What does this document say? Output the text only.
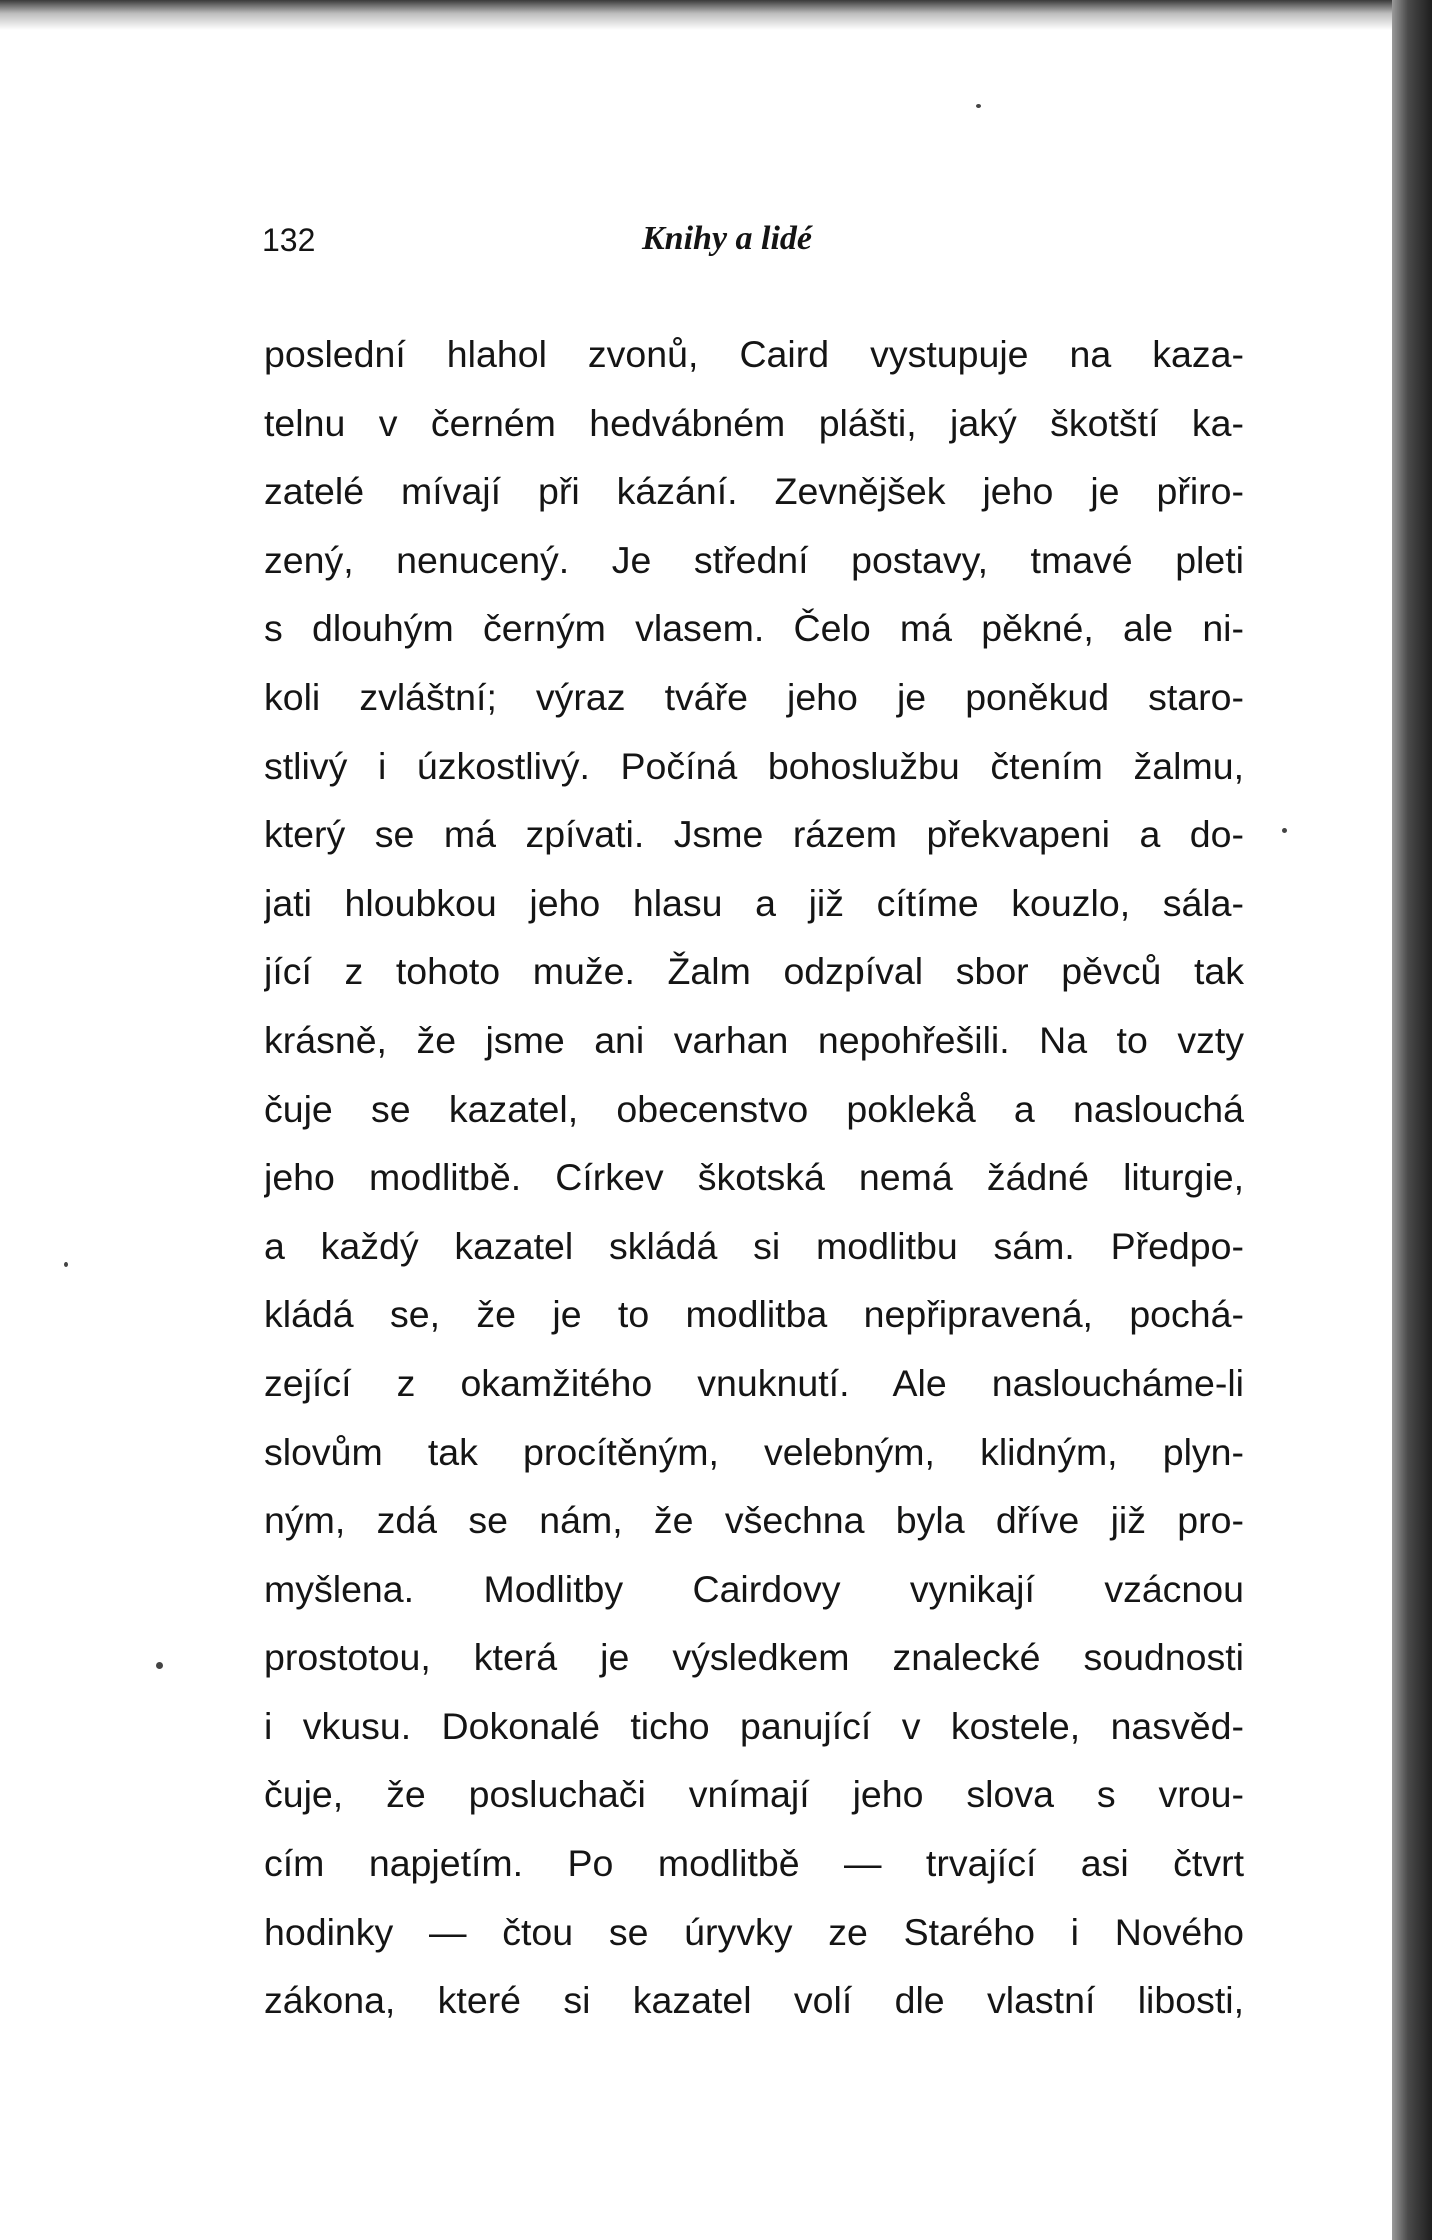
132	Knihy a lidé
poslední hlahol zvonů, Caird vystupuje na kaza-
telnu v černém hedvábném plášti, jaký škotští ka-
zatelé mívají při kázání. Zevnějšek jeho je přiro-
zený, nenucený. Je střední postavy, tmavé pleti
s dlouhým černým vlasem. Čelo má pěkné, ale ni-
koli zvláštní; výraz tváře jeho je poněkud staro-
stlivý i úzkostlivý. Počíná bohoslužbu čtením žalmu,
který se má zpívati. Jsme rázem překvapeni a do-
jati hloubkou jeho hlasu a již cítíme kouzlo, sála-
jící z tohoto muže. Žalm odzpíval sbor pěvců tak
krásně, že jsme ani varhan nepohřešili. Na to vzty
čuje se kazatel, obecenstvo poklekå a naslouchá
jeho modlitbě. Církev škotská nemá žádné liturgie,
a každý kazatel skládá si modlitbu sám. Předpo-
kládá se, že je to modlitba nepřipravená, pochá-
zející z okamžitého vnuknutí. Ale nasloucháme-li
slovům tak procítěným, velebným, klidným, plyn-
ným, zdá se nám, že všechna byla dříve již pro-
myšlena. Modlitby Cairdovy vynikají vzácnou
prostotou, která je výsledkem znalecké soudnosti
i vkusu. Dokonalé ticho panující v kostele, nasvěd-
čuje, že posluchači vnímají jeho slova s vrou-
cím napjetím. Po modlitbě — trvající asi čtvrt
hodinky — čtou se úryvky ze Starého i Nového
zákona, které si kazatel volí dle vlastní libosti,
